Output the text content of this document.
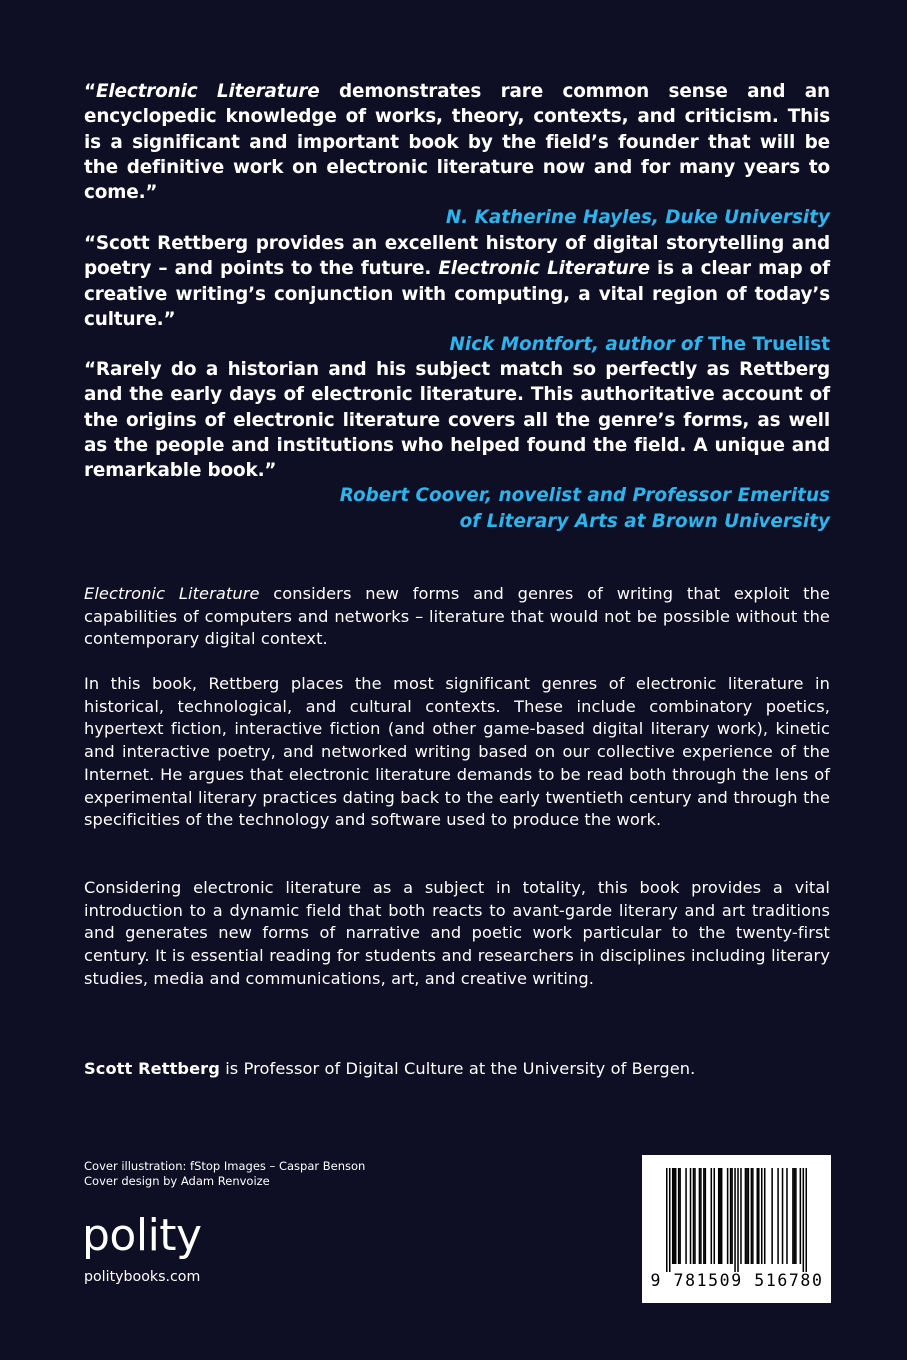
“Electronic Literature demonstrates rare common sense and an encyclopedic knowledge of works, theory, contexts, and criticism. This is a significant and important book by the field’s founder that will be the definitive work on electronic literature now and for many years to come.”

N. Katherine Hayles, Duke University

“Scott Rettberg provides an excellent history of digital storytelling and poetry – and points to the future. Electronic Literature is a clear map of creative writing’s conjunction with computing, a vital region of today’s culture.”

Nick Montfort, author of The Truelist

“Rarely do a historian and his subject match so perfectly as Rettberg and the early days of electronic literature. This authoritative account of the origins of electronic literature covers all the genre’s forms, as well as the people and institutions who helped found the field. A unique and remarkable book.”

Robert Coover, novelist and Professor Emeritus
of Literary Arts at Brown University

Electronic Literature considers new forms and genres of writing that exploit the capabilities of computers and networks – literature that would not be possible without the contemporary digital context.

In this book, Rettberg places the most significant genres of electronic literature in historical, technological, and cultural contexts. These include combinatory poetics, hypertext fiction, interactive fiction (and other game-based digital literary work), kinetic and interactive poetry, and networked writing based on our collective experience of the Internet. He argues that electronic literature demands to be read both through the lens of experimental literary practices dating back to the early twentieth century and through the specificities of the technology and software used to produce the work.

Considering electronic literature as a subject in totality, this book provides a vital introduction to a dynamic field that both reacts to avant-garde literary and art traditions and generates new forms of narrative and poetic work particular to the twenty-first century. It is essential reading for students and researchers in disciplines including literary studies, media and communications, art, and creative writing.

Scott Rettberg is Professor of Digital Culture at the University of Bergen.

Cover illustration: fStop Images – Caspar Benson
Cover design by Adam Renvoize
polity
politybooks.com	9 781509 516780
